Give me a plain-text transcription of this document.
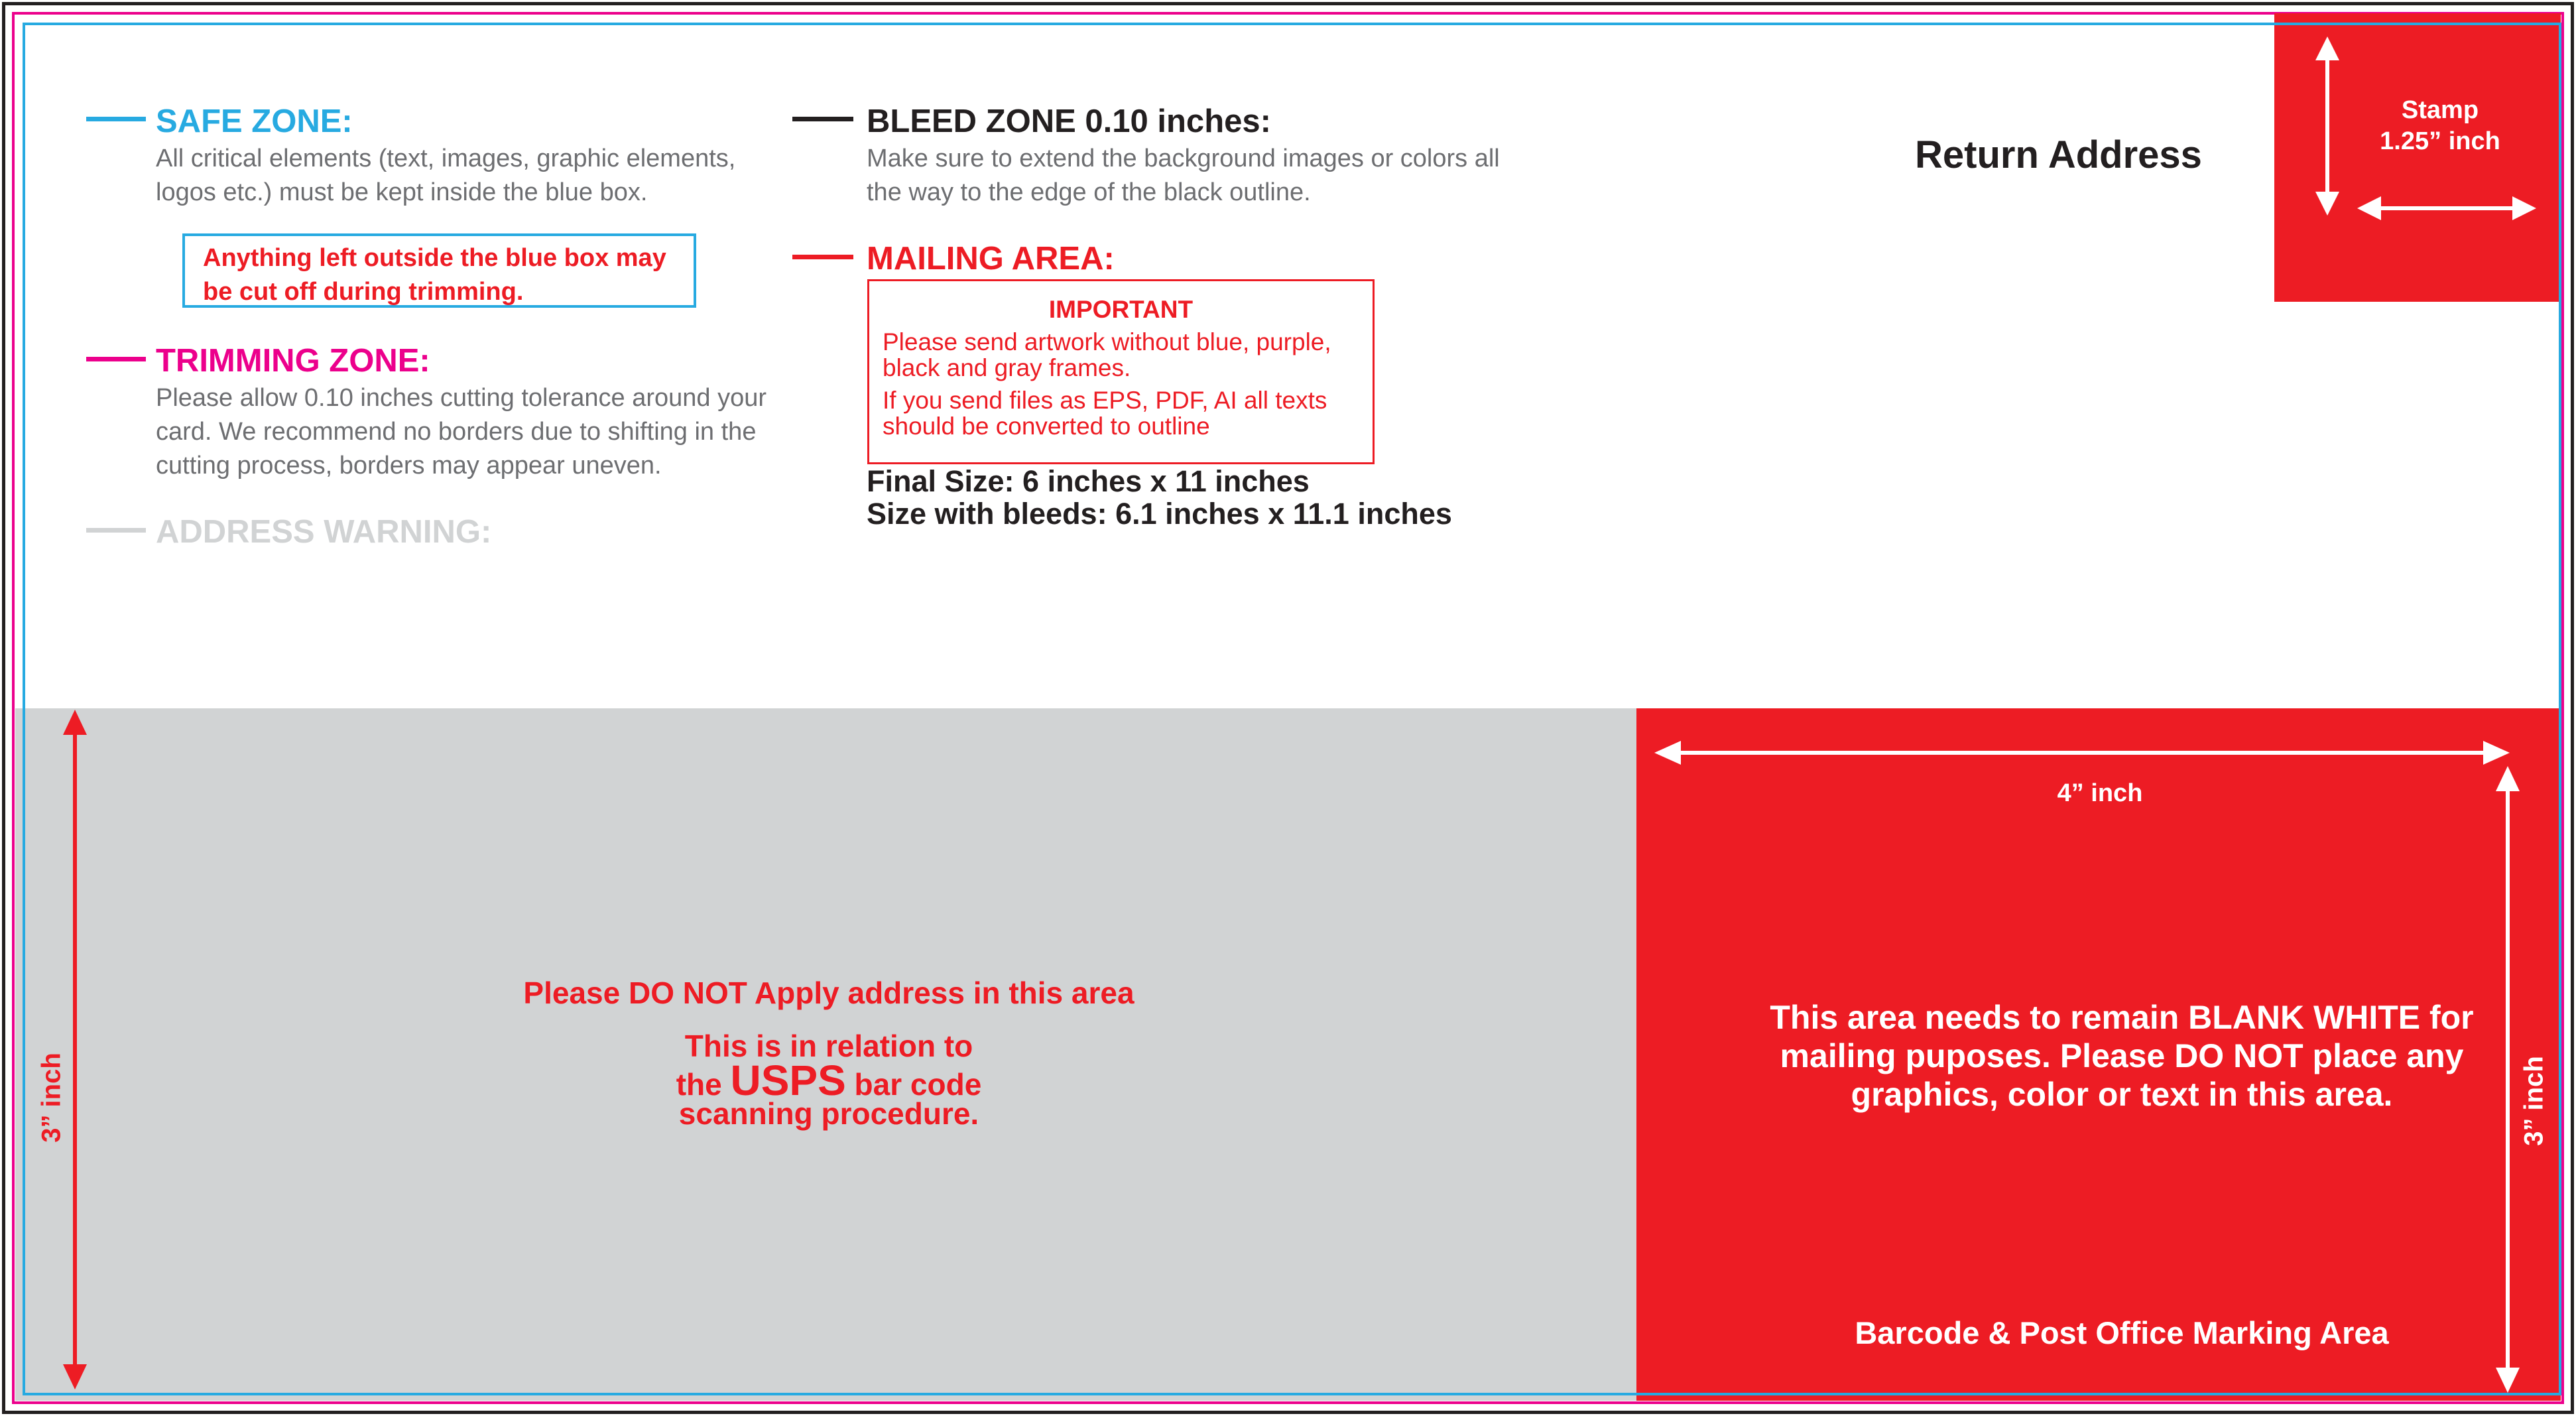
SAFE ZONE:
All critical elements (text, images, graphic elements, logos etc.) must be kept inside the blue box.
Anything left outside the blue box may be cut off during trimming.
TRIMMING ZONE:
Please allow 0.10 inches cutting tolerance around your card. We recommend no borders due to shifting in the cutting process, borders may appear uneven.
ADDRESS WARNING:
BLEED ZONE 0.10 inches:
Make sure to extend the background images or colors all the way to the edge of the black outline.
MAILING AREA:
IMPORTANT
Please send artwork without blue, purple, black and gray frames.
If you send files as EPS, PDF, AI all texts should be converted to outline
Final Size: 6 inches x 11 inches
Size with bleeds: 6.1 inches x 11.1 inches
Return Address
Stamp
1.25” inch
3” inch
Please DO NOT Apply address in this area
This is in relation to
the USPS bar code
scanning procedure.
4” inch
3” inch
This area needs to remain BLANK WHITE for mailing puposes. Please DO NOT place any graphics, color or text in this area.
Barcode & Post Office Marking Area
